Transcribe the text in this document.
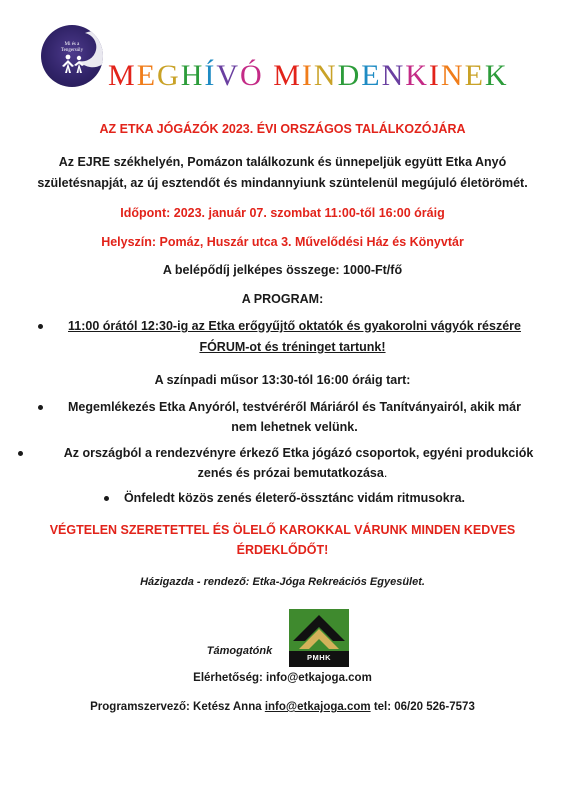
Mi és a
Tengersúly
MEGHÍVÓ MINDENKINEK
AZ ETKA JÓGÁZÓK 2023. ÉVI ORSZÁGOS TALÁLKOZÓJÁRA
Az EJRE székhelyén, Pomázon találkozunk és ünnepeljük együtt Etka Anyó
születésnapját, az új esztendőt és mindannyiunk szüntelenül megújuló életörömét.
Időpont: 2023. január 07. szombat 11:00-től 16:00 óráig
Helyszín: Pomáz, Huszár utca 3. Művelődési Ház és Könyvtár
A belépődíj jelképes összege: 1000-Ft/fő
A PROGRAM:
11:00 órától 12:30-ig az Etka erőgyűjtő oktatók és gyakorolni vágyók részére
FÓRUM-ot és tréninget tartunk!
A színpadi műsor 13:30-tól 16:00 óráig tart:
Megemlékezés Etka Anyóról, testvéréről Máriáról és Tanítványairól, akik már
nem lehetnek velünk.
Az országból a rendezvényre érkező Etka jógázó csoportok, egyéni produkciók
zenés és prózai bemutatkozása.
Önfeledt közös zenés életerő-össztánc vidám ritmusokra.
VÉGTELEN SZERETETTEL ÉS ÖLELŐ KAROKKAL VÁRUNK MINDEN KEDVES
ÉRDEKLŐDŐT!
Házigazda - rendező: Etka-Jóga Rekreációs Egyesület.
Támogatónk
PMHK
Elérhetőség: info@etkajoga.com
Programszervező: Ketész Anna info@etkajoga.com tel: 06/20 526-7573
